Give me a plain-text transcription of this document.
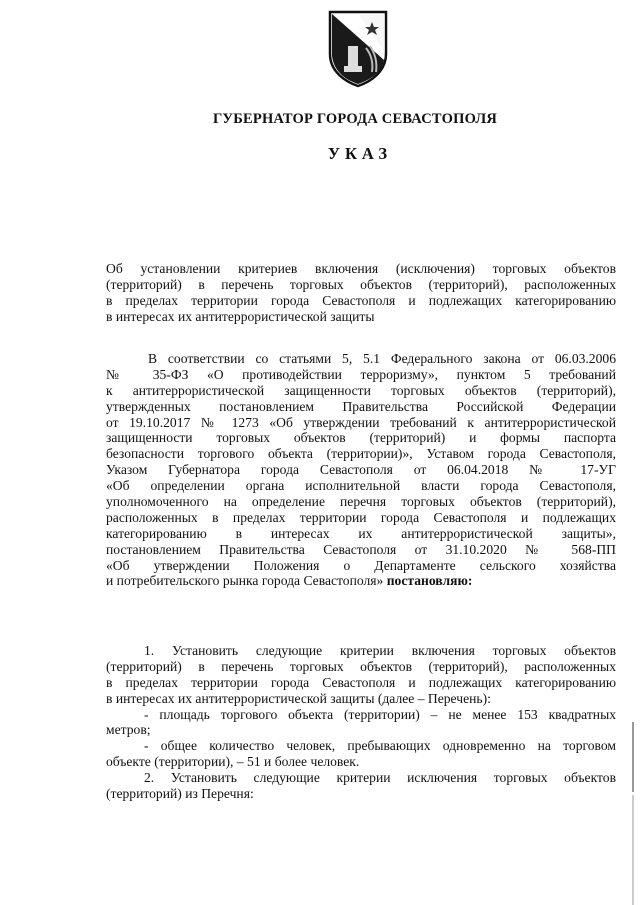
ГУБЕРНАТОР ГОРОДА СЕВАСТОПОЛЯ
УКАЗ
Об установлении критериев включения (исключения) торговых объектов
(территорий) в перечень торговых объектов (территорий), расположенных
в пределах территории города Севастополя и подлежащих категорированию
в интересах их антитеррористической защиты
В соответствии со статьями 5, 5.1 Федерального закона от 06.03.2006
№ 35-ФЗ «О противодействии терроризму», пунктом 5 требований
к антитеррористической защищенности торговых объектов (территорий),
утвержденных постановлением Правительства Российской Федерации
от 19.10.2017 № 1273 «Об утверждении требований к антитеррористической
защищенности торговых объектов (территорий) и формы паспорта
безопасности торгового объекта (территории)», Уставом города Севастополя,
Указом Губернатора города Севастополя от 06.04.2018 № 17-УГ
«Об определении органа исполнительной власти города Севастополя,
уполномоченного на определение перечня торговых объектов (территорий),
расположенных в пределах территории города Севастополя и подлежащих
категорированию в интересах их антитеррористической защиты»,
постановлением Правительства Севастополя от 31.10.2020 № 568-ПП
«Об утверждении Положения о Департаменте сельского хозяйства
и потребительского рынка города Севастополя» постановляю:
1. Установить следующие критерии включения торговых объектов
(территорий) в перечень торговых объектов (территорий), расположенных
в пределах территории города Севастополя и подлежащих категорированию
в интересах их антитеррористической защиты (далее – Перечень):
- площадь торгового объекта (территории) – не менее 153 квадратных
метров;
- общее количество человек, пребывающих одновременно на торговом
объекте (территории), – 51 и более человек.
2. Установить следующие критерии исключения торговых объектов
(территорий) из Перечня:
